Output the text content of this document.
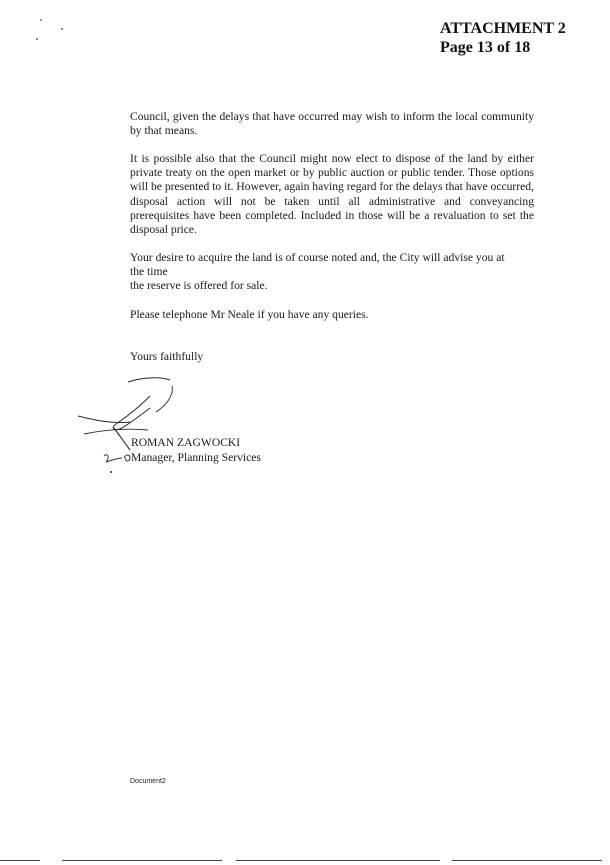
ATTACHMENT 2
Page 13 of 18

Council, given the delays that have occurred may wish to inform the local community by that means.

It is possible also that the Council might now elect to dispose of the land by either private treaty on the open market or by public auction or public tender. Those options will be presented to it. However, again having regard for the delays that have occurred, disposal action will not be taken until all administrative and conveyancing prerequisites have been completed. Included in those will be a revaluation to set the disposal price.

Your desire to acquire the land is of course noted and, the City will advise you at
the time
the reserve is offered for sale.

Please telephone Mr Neale if you have any queries.

Yours faithfully

ROMAN ZAGWOCKI
Manager, Planning Services
Document2
